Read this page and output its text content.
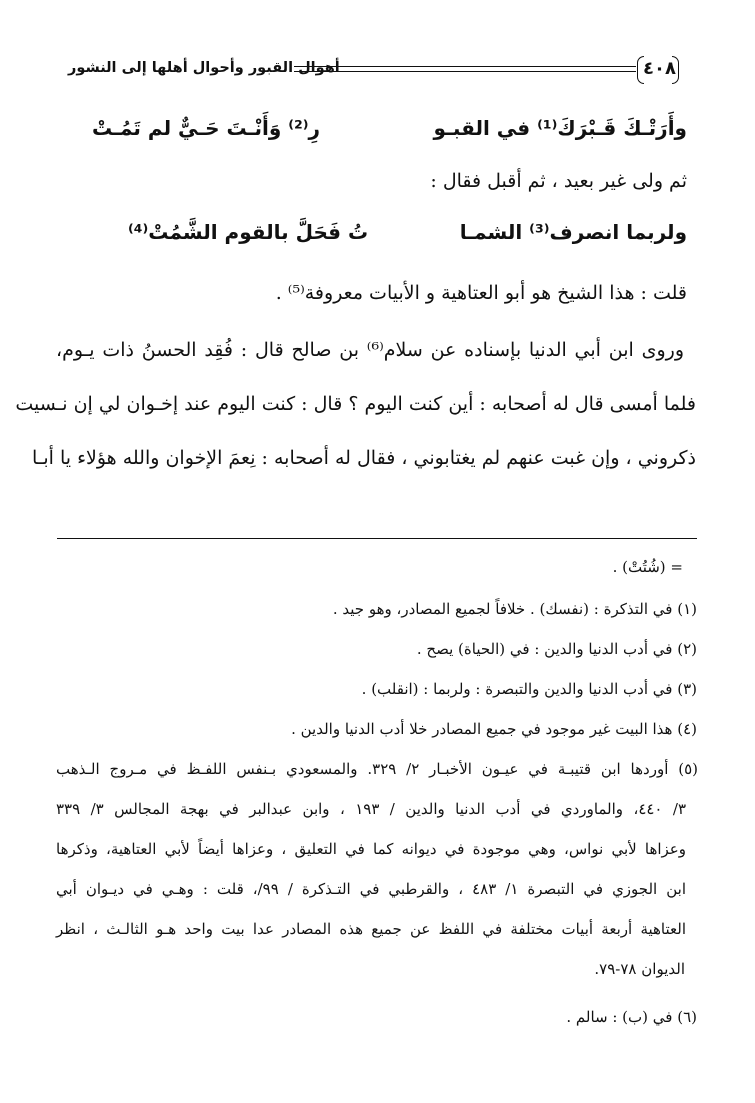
أهوال القبور وأحوال أهلها إلى النشور	٤٠٨
وأَرَتْـكَ قَـبْرَكَ⁽¹⁾ في القبـو
رِ⁽²⁾ وَأَنْـتَ حَـيٌّ لم تَمُـتْ
ثم ولى غير بعيد ، ثم أقبل فقال :
ولربما انصرف⁽³⁾ الشمـا
تُ فَحَلَّ بالقوم الشَّمُتْ⁽⁴⁾
قلت : هذا الشيخ هو أبو العتاهية و الأبيات معروفة⁽⁵⁾ .
وروى ابن أبي الدنيا بإسناده عن سلام⁽⁶⁾ بن صالح قال : فُقِد الحسنُ ذات يـوم،
فلما أمسى قال له أصحابه : أين كنت اليوم ؟ قال : كنت اليوم عند إخـوان لي إن نـسيت
ذكروني ، وإن غبت عنهم لم يغتابوني ، فقال له أصحابه : نِعمَ الإخوان والله هؤلاء يا أبـا
= (شُتُتْ) .
(١) في التذكرة : (نفسك) . خلافاً لجميع المصادر، وهو جيد .
(٢) في أدب الدنيا والدين : في (الحياة) يصح .
(٣) في أدب الدنيا والدين والتبصرة : ولربما : (انقلب) .
(٤) هذا البيت غير موجود في جميع المصادر خلا أدب الدنيا والدين .
(٥) أوردها ابن قتيبـة في عيـون الأخبـار ٢/ ٣٢٩. والمسعودي بـنفس اللفـظ في مـروج الـذهب
٣/ ٤٤٠، والماوردي في أدب الدنيا والدين / ١٩٣ ، وابن عبدالبر في بهجة المجالس ٣/ ٣٣٩
وعزاها لأبي نواس، وهي موجودة في ديوانه كما في التعليق ، وعزاها أيضاً لأبي العتاهية، وذكرها
ابن الجوزي في التبصرة ١/ ٤٨٣ ، والقرطبي في التـذكرة / ٩٩/، قلت : وهـي في ديـوان أبي
العتاهية أربعة أبيات مختلفة في اللفظ عن جميع هذه المصادر عدا بيت واحد هـو الثالـث ، انظر
الديوان ٧٨-٧٩.
(٦) في (ب) : سالم .
